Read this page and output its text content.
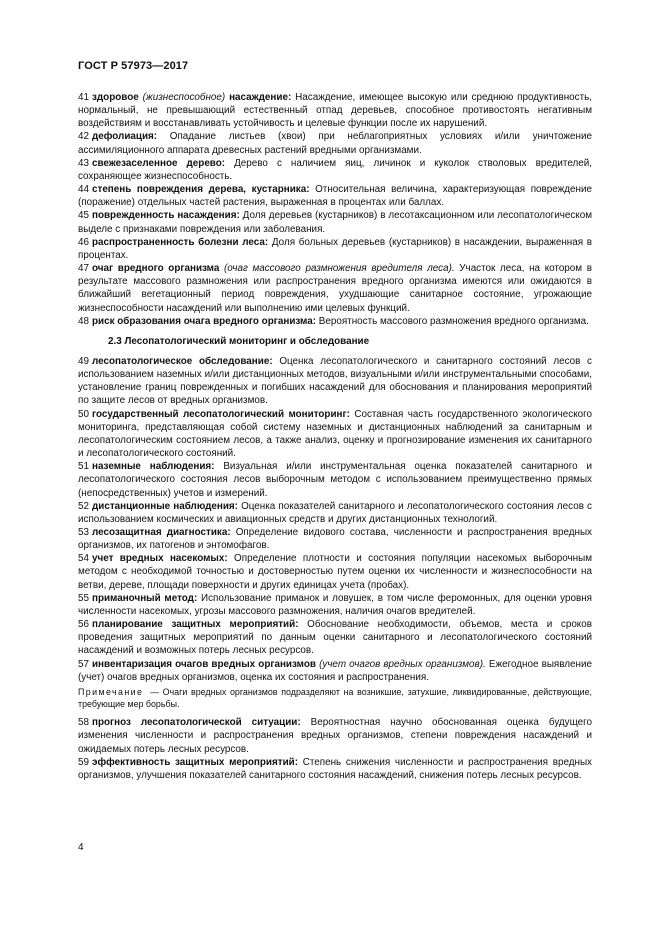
ГОСТ Р 57973—2017

41 здоровое (жизнеспособное) насаждение: Насаждение, имеющее высокую или среднюю продуктивность, нормальный, не превышающий естественный отпад деревьев, способное противостоять негативным воздействиям и восстанавливать устойчивость и целевые функции после их нарушений.

42 дефолиация: Опадание листьев (хвои) при неблагоприятных условиях и/или уничтожение ассимиляционного аппарата древесных растений вредными организмами.

43 свежезаселенное дерево: Дерево с наличием яиц, личинок и куколок стволовых вредителей, сохраняющее жизнеспособность.

44 степень повреждения дерева, кустарника: Относительная величина, характеризующая повреждение (поражение) отдельных частей растения, выраженная в процентах или баллах.

45 поврежденность насаждения: Доля деревьев (кустарников) в лесотаксационном или лесопатологическом выделе с признаками повреждения или заболевания.

46 распространенность болезни леса: Доля больных деревьев (кустарников) в насаждении, выраженная в процентах.

47 очаг вредного организма (очаг массового размножения вредителя леса). Участок леса, на котором в результате массового размножения или распространения вредного организма имеются или ожидаются в ближайший вегетационный период повреждения, ухудшающие санитарное состояние, угрожающие жизнеспособности насаждений или выполнению ими целевых функций.

48 риск образования очага вредного организма: Вероятность массового размножения вредного организма.

2.3 Лесопатологический мониторинг и обследование

49 лесопатологическое обследование: Оценка лесопатологического и санитарного состояний лесов с использованием наземных и/или дистанционных методов, визуальными и/или инструментальными способами, установление границ поврежденных и погибших насаждений для обоснования и планирования мероприятий по защите лесов от вредных организмов.

50 государственный лесопатологический мониторинг: Составная часть государственного экологического мониторинга, представляющая собой систему наземных и дистанционных наблюдений за санитарным и лесопатологическим состоянием лесов, а также анализ, оценку и прогнозирование изменения их санитарного и лесопатологического состояний.

51 наземные наблюдения: Визуальная и/или инструментальная оценка показателей санитарного и лесопатологического состояния лесов выборочным методом с использованием преимущественно прямых (непосредственных) учетов и измерений.

52 дистанционные наблюдения: Оценка показателей санитарного и лесопатологического состояния лесов с использованием космических и авиационных средств и других дистанционных технологий.

53 лесозащитная диагностика: Определение видового состава, численности и распространения вредных организмов, их патогенов и энтомофагов.

54 учет вредных насекомых: Определение плотности и состояния популяции насекомых выборочным методом с необходимой точностью и достоверностью путем оценки их численности и жизнеспособности на ветви, дереве, площади поверхности и других единицах учета (пробах).

55 приманочный метод: Использование приманок и ловушек, в том числе феромонных, для оценки уровня численности насекомых, угрозы массового размножения, наличия очагов вредителей.

56 планирование защитных мероприятий: Обоснование необходимости, объемов, места и сроков проведения защитных мероприятий по данным оценки санитарного и лесопатологического состояний насаждений и возможных потерь лесных ресурсов.

57 инвентаризация очагов вредных организмов (учет очагов вредных организмов). Ежегодное выявление (учет) очагов вредных организмов, оценка их состояния и распространения.

Примечание — Очаги вредных организмов подразделяют на возникшие, затухшие, ликвидированные, действующие, требующие мер борьбы.

58 прогноз лесопатологической ситуации: Вероятностная научно обоснованная оценка будущего изменения численности и распространения вредных организмов, степени повреждения насаждений и ожидаемых потерь лесных ресурсов.

59 эффективность защитных мероприятий: Степень снижения численности и распространения вредных организмов, улучшения показателей санитарного состояния насаждений, снижения потерь лесных ресурсов.

4
